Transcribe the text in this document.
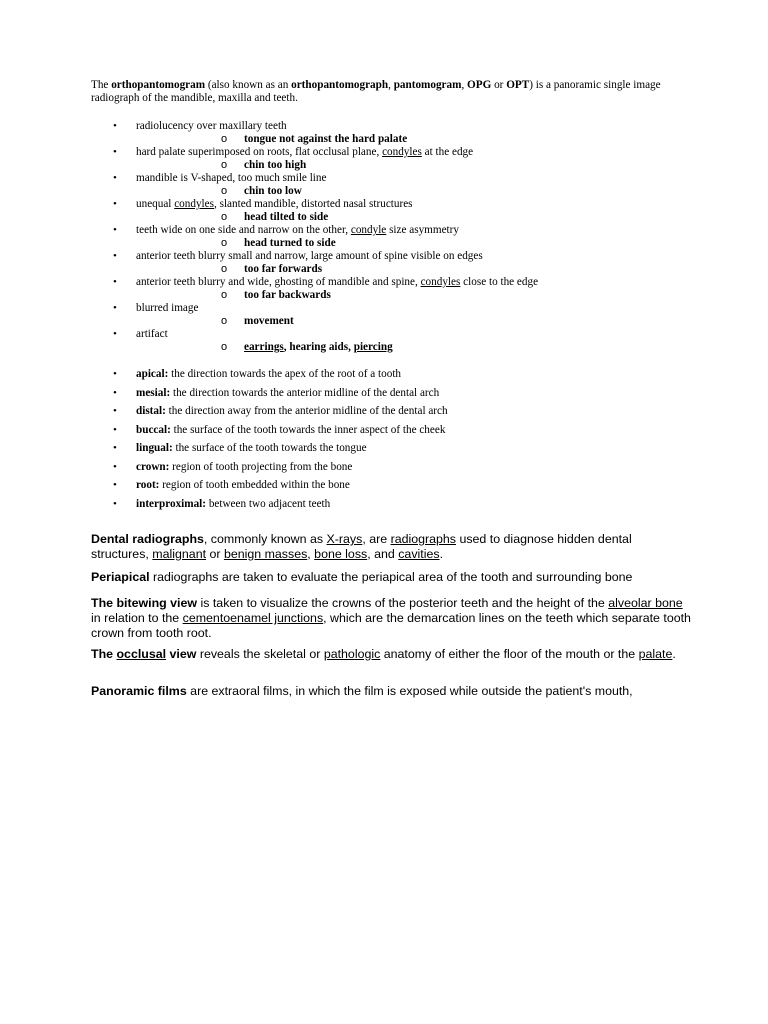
The orthopantomogram (also known as an orthopantomograph, pantomogram, OPG or OPT) is a panoramic single image radiograph of the mandible, maxilla and teeth.

• radiolucency over maxillary teeth
o tongue not against the hard palate
• hard palate superimposed on roots, flat occlusal plane, condyles at the edge
o chin too high
• mandible is V-shaped, too much smile line
o chin too low
• unequal condyles, slanted mandible, distorted nasal structures
o head tilted to side
• teeth wide on one side and narrow on the other, condyle size asymmetry
o head turned to side
• anterior teeth blurry small and narrow, large amount of spine visible on edges
o too far forwards
• anterior teeth blurry and wide, ghosting of mandible and spine, condyles close to the edge
o too far backwards
• blurred image
o movement
• artifact
o earrings, hearing aids, piercing
• apical: the direction towards the apex of the root of a tooth
• mesial: the direction towards the anterior midline of the dental arch
• distal: the direction away from the anterior midline of the dental arch
• buccal: the surface of the tooth towards the inner aspect of the cheek
• lingual: the surface of the tooth towards the tongue
• crown: region of tooth projecting from the bone
• root: region of tooth embedded within the bone
• interproximal: between two adjacent teeth

Dental radiographs, commonly known as X-rays, are radiographs used to diagnose hidden dental structures, malignant or benign masses, bone loss, and cavities.

Periapical radiographs are taken to evaluate the periapical area of the tooth and surrounding bone

The bitewing view is taken to visualize the crowns of the posterior teeth and the height of the alveolar bone in relation to the cementoenamel junctions, which are the demarcation lines on the teeth which separate tooth crown from tooth root.

The occlusal view reveals the skeletal or pathologic anatomy of either the floor of the mouth or the palate.

Panoramic films are extraoral films, in which the film is exposed while outside the patient's mouth,
